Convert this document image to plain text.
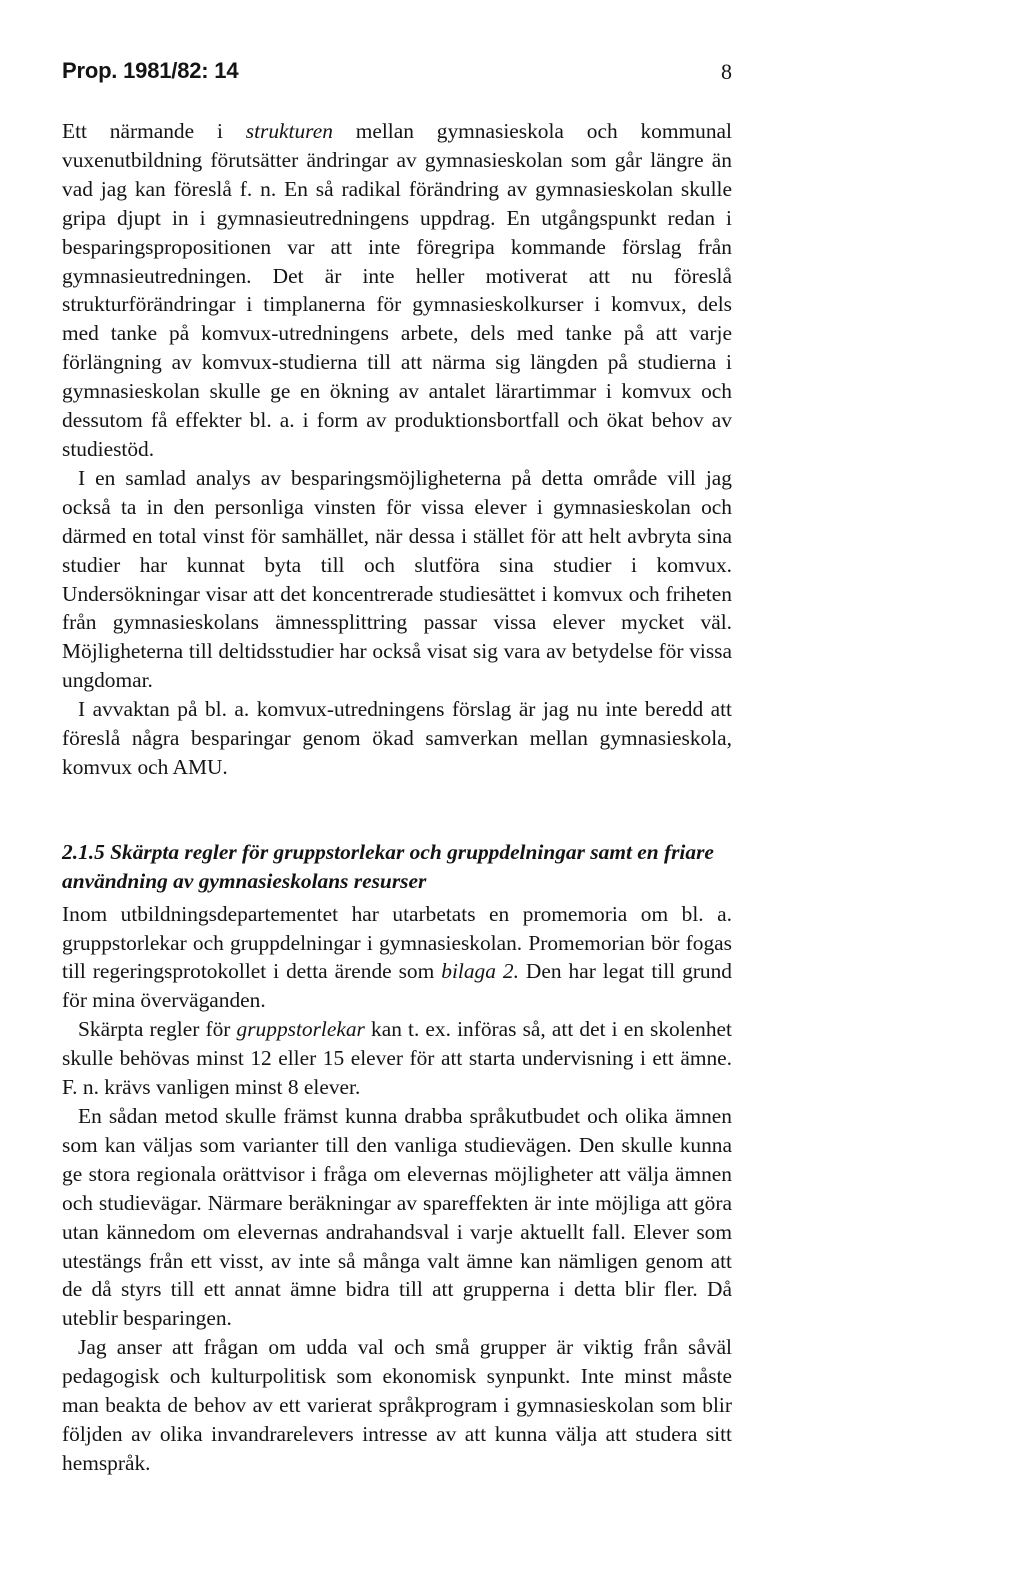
Prop. 1981/82: 14	8

Ett närmande i strukturen mellan gymnasieskola och kommunal vuxenutbildning förutsätter ändringar av gymnasieskolan som går längre än vad jag kan föreslå f. n. En så radikal förändring av gymnasieskolan skulle gripa djupt in i gymnasieutredningens uppdrag. En utgångspunkt redan i besparingspropositionen var att inte föregripa kommande förslag från gymnasieutredningen. Det är inte heller motiverat att nu föreslå strukturförändringar i timplanerna för gymnasieskolkurser i komvux, dels med tanke på komvux-utredningens arbete, dels med tanke på att varje förlängning av komvux-studierna till att närma sig längden på studierna i gymnasieskolan skulle ge en ökning av antalet lärartimmar i komvux och dessutom få effekter bl. a. i form av produktionsbortfall och ökat behov av studiestöd.

I en samlad analys av besparingsmöjligheterna på detta område vill jag också ta in den personliga vinsten för vissa elever i gymnasieskolan och därmed en total vinst för samhället, när dessa i stället för att helt avbryta sina studier har kunnat byta till och slutföra sina studier i komvux. Undersökningar visar att det koncentrerade studiesättet i komvux och friheten från gymnasieskolans ämnessplittring passar vissa elever mycket väl. Möjligheterna till deltidsstudier har också visat sig vara av betydelse för vissa ungdomar.

I avvaktan på bl. a. komvux-utredningens förslag är jag nu inte beredd att föreslå några besparingar genom ökad samverkan mellan gymnasieskola, komvux och AMU.

2.1.5 Skärpta regler för gruppstorlekar och gruppdelningar samt en friare användning av gymnasieskolans resurser

Inom utbildningsdepartementet har utarbetats en promemoria om bl. a. gruppstorlekar och gruppdelningar i gymnasieskolan. Promemorian bör fogas till regeringsprotokollet i detta ärende som bilaga 2. Den har legat till grund för mina överväganden.

Skärpta regler för gruppstorlekar kan t. ex. införas så, att det i en skolenhet skulle behövas minst 12 eller 15 elever för att starta undervisning i ett ämne. F. n. krävs vanligen minst 8 elever.

En sådan metod skulle främst kunna drabba språkutbudet och olika ämnen som kan väljas som varianter till den vanliga studievägen. Den skulle kunna ge stora regionala orättvisor i fråga om elevernas möjligheter att välja ämnen och studievägar. Närmare beräkningar av spareffekten är inte möjliga att göra utan kännedom om elevernas andrahandsval i varje aktuellt fall. Elever som utestängs från ett visst, av inte så många valt ämne kan nämligen genom att de då styrs till ett annat ämne bidra till att grupperna i detta blir fler. Då uteblir besparingen.

Jag anser att frågan om udda val och små grupper är viktig från såväl pedagogisk och kulturpolitisk som ekonomisk synpunkt. Inte minst måste man beakta de behov av ett varierat språkprogram i gymnasieskolan som blir följden av olika invandrarelevers intresse av att kunna välja att studera sitt hemspråk.
